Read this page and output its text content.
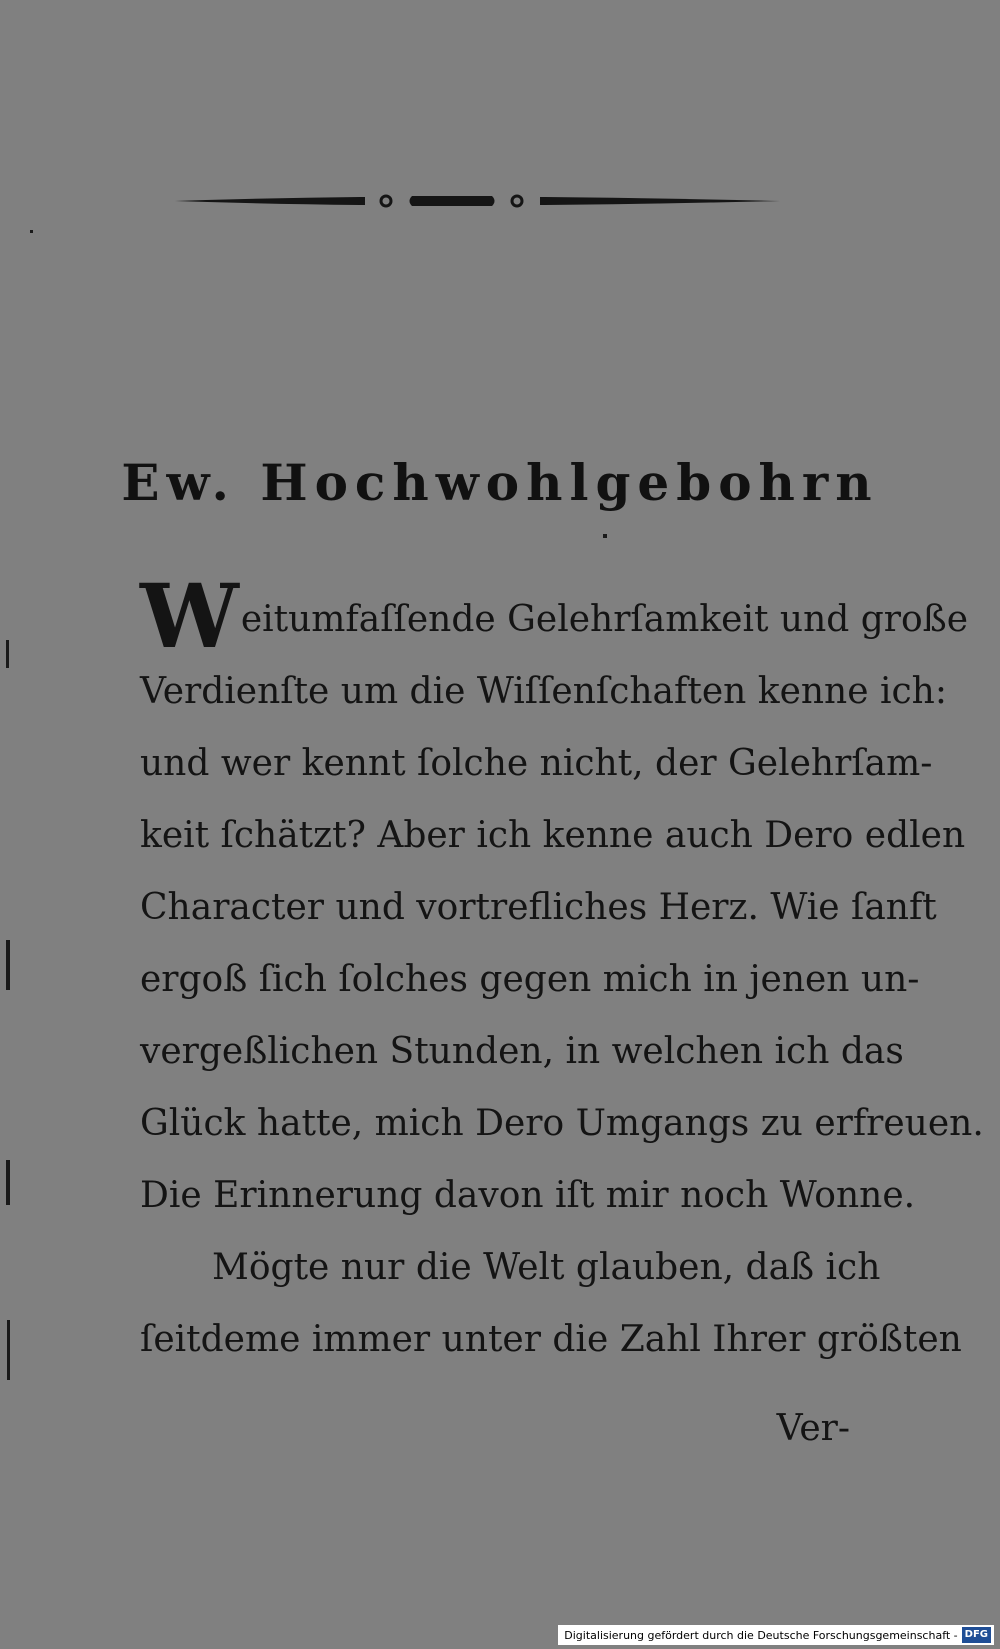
Ew. Hochwohlgebohrn
W eitumfaſſende Gelehrſamkeit und große
Verdienſte um die Wiſſenſchaften kenne ich:
und wer kennt ſolche nicht, der Gelehrſam-
keit ſchätzt? Aber ich kenne auch Dero edlen
Character und vortrefliches Herz. Wie ſanft
ergoß ſich ſolches gegen mich in jenen un-
vergeßlichen Stunden, in welchen ich das
Glück hatte, mich Dero Umgangs zu erfreuen.
Die Erinnerung davon iſt mir noch Wonne.
Mögte nur die Welt glauben, daß ich
ſeitdeme immer unter die Zahl Ihrer größten
Ver-
Digitalisierung gefördert durch die Deutsche Forschungsgemeinschaft - DFG
